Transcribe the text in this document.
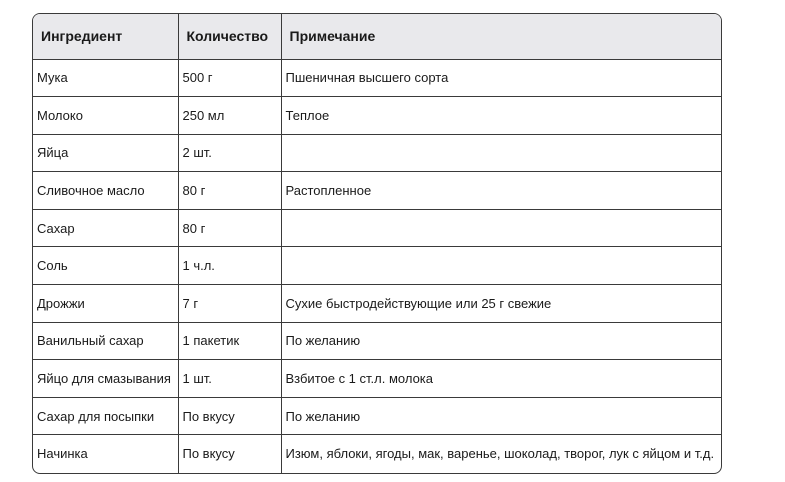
Ингредиент	Количество	Примечание
Мука	500 г	Пшеничная высшего сорта
Молоко	250 мл	Теплое
Яйца	2 шт.	
Сливочное масло	80 г	Растопленное
Сахар	80 г	
Соль	1 ч.л.	
Дрожжи	7 г	Сухие быстродействующие или 25 г свежие
Ванильный сахар	1 пакетик	По желанию
Яйцо для смазывания	1 шт.	Взбитое с 1 ст.л. молока
Сахар для посыпки	По вкусу	По желанию
Начинка	По вкусу	Изюм, яблоки, ягоды, мак, варенье, шоколад, творог, лук с яйцом и т.д.
